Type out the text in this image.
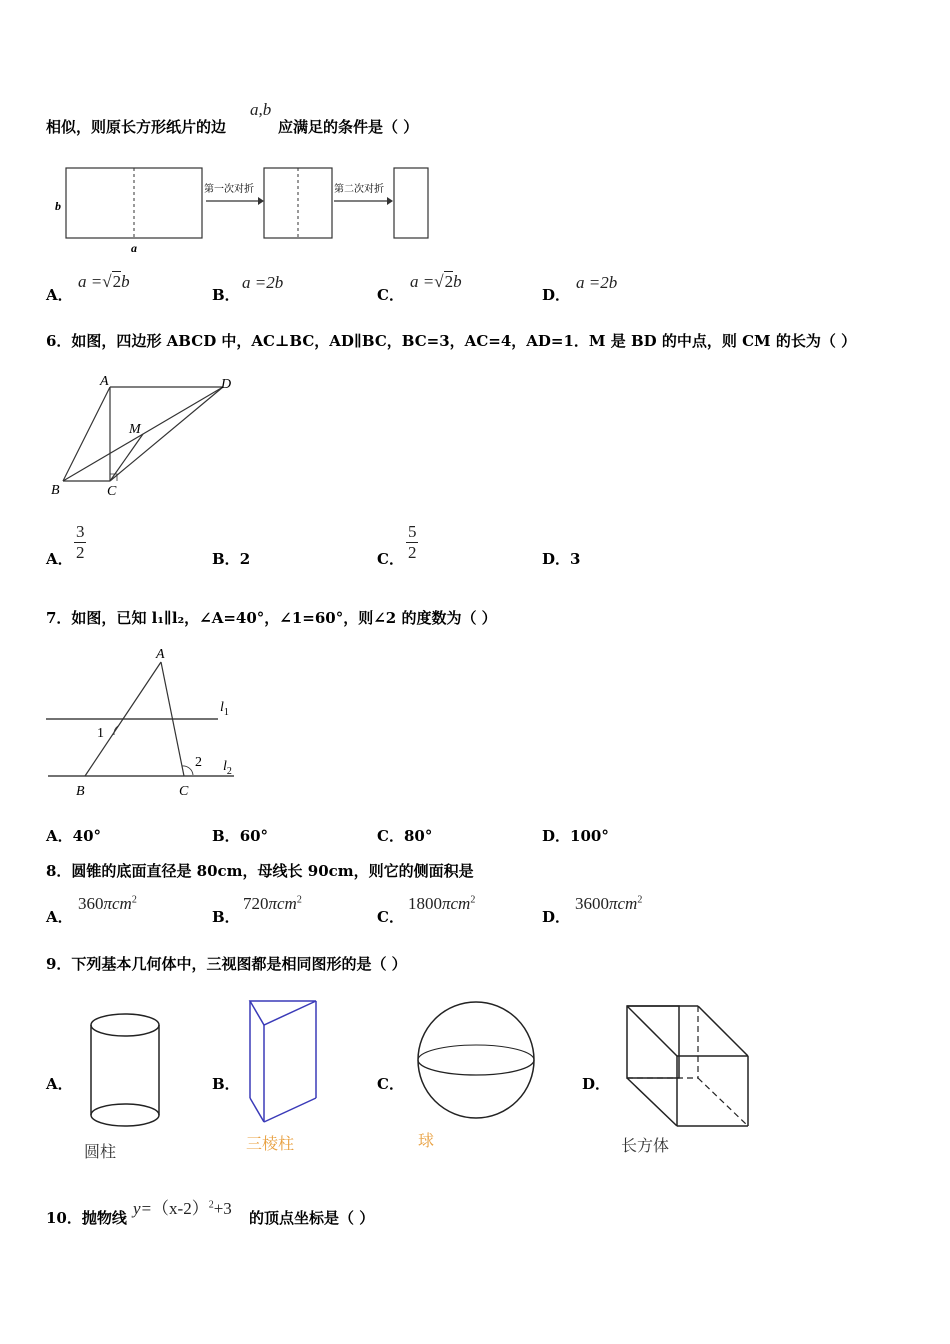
相似，则原长方形纸片的边
a,b
应满足的条件是（ ）
b
a
第一次对折	第二次对折
A．
a =√2b
B．
a =2b
C．
a =√2b
D．
a =2b
6．如图，四边形 ABCD 中，AC⊥BC，AD∥BC，BC=3，AC=4，AD=1．M 是 BD 的中点，则 CM 的长为（ ）
A
B	C
D
M
A．
3
2	B．2	C．
5
2	D．3
7．如图，已知 l₁∥l₂，∠A=40°，∠1=60°，则∠2 的度数为（ ）
A
B	C
1
2
$l_1$
$l_2$
A．40°	B．60°	C．80°	D．100°
8．圆锥的底面直径是 80cm，母线长 90cm，则它的侧面积是
A．
360πcm$^2$
B．
720πcm$^2$
C．
1800πcm$^2$
D．
3600πcm$^2$
9．下列基本几何体中，三视图都是相同图形的是（ ）
A．
圆柱
B．
三棱柱
C．
球
D．
长方体
10．抛物线 $y=(x-2)^2+3$ 的顶点坐标是（ ）
